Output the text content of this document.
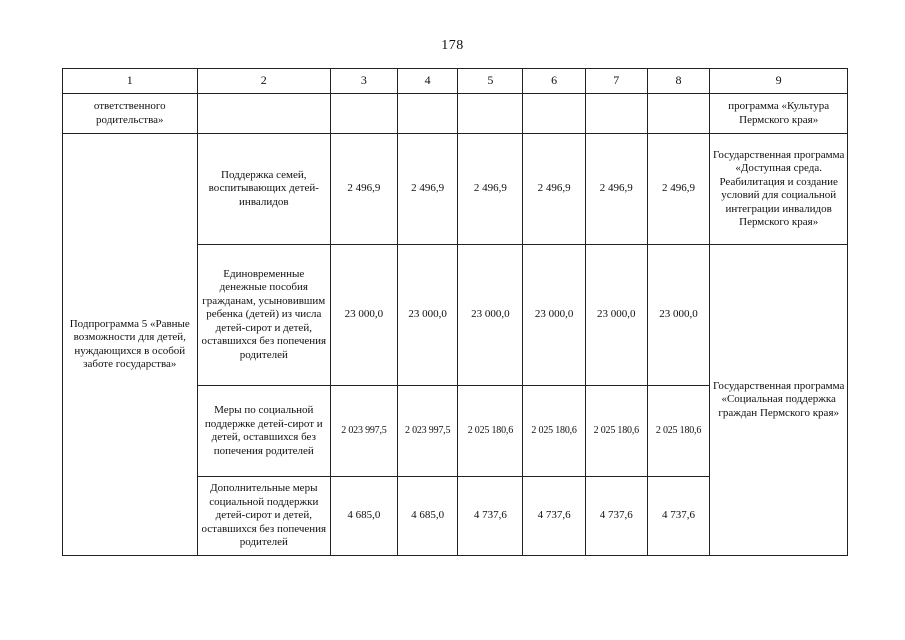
178
1	2	3	4	5	6	7	8	9
ответственного родительства»								программа «Культура Пермского края»
Подпрограмма 5 «Равные возможности для детей, нуждающихся в особой заботе государства»	Поддержка семей, воспитывающих детей-инвалидов	2 496,9	2 496,9	2 496,9	2 496,9	2 496,9	2 496,9	Государственная программа «Доступная среда. Реабилитация и создание условий для социальной интеграции инвалидов Пермского края»
	Единовременные денежные пособия гражданам, усыновившим ребенка (детей) из числа детей-сирот и детей, оставшихся без попечения родителей	23 000,0	23 000,0	23 000,0	23 000,0	23 000,0	23 000,0	Государственная программа «Социальная поддержка граждан Пермского края»
	Меры по социальной поддержке детей-сирот и детей, оставшихся без попечения родителей	2 023 997,5	2 023 997,5	2 025 180,6	2 025 180,6	2 025 180,6	2 025 180,6	
	Дополнительные меры социальной поддержки детей-сирот и детей, оставшихся без попечения родителей	4 685,0	4 685,0	4 737,6	4 737,6	4 737,6	4 737,6	
